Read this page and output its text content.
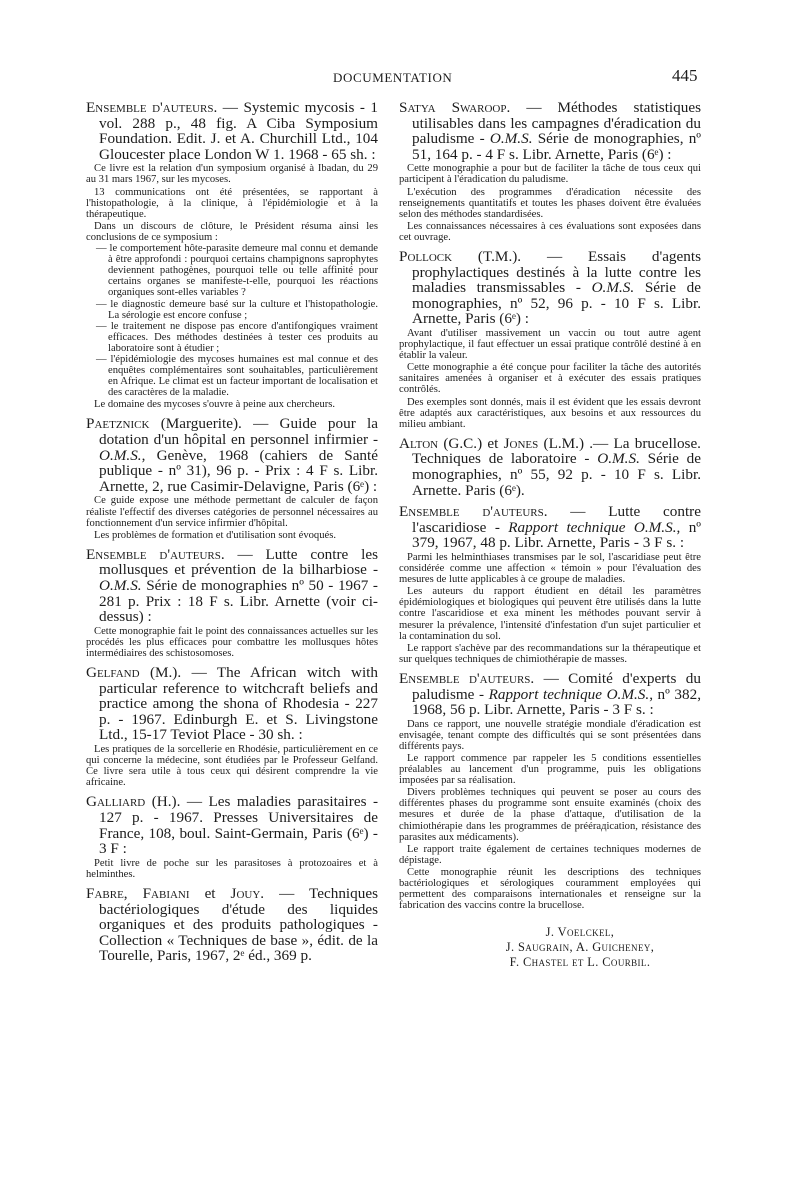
DOCUMENTATION	445

Ensemble d'auteurs. — Systemic mycosis - 1 vol. 288 p., 48 fig. A Ciba Symposium Foundation. Edit. J. et A. Churchill Ltd., 104 Gloucester place London W 1. 1968 - 65 sh. :

Ce livre est la relation d'un symposium organisé à Ibadan, du 29 au 31 mars 1967, sur les mycoses.

13 communications ont été présentées, se rapportant à l'histopathologie, à la clinique, à l'épidémiologie et à la thérapeutique.

Dans un discours de clôture, le Président résuma ainsi les conclusions de ce symposium :

— le comportement hôte-parasite demeure mal connu et demande à être approfondi : pourquoi certains champignons saprophytes deviennent pathogènes, pourquoi telle ou telle affinité pour certains organes se manifeste-t-elle, pourquoi les réactions organiques sont-elles variables ?

— le diagnostic demeure basé sur la culture et l'histopathologie. La sérologie est encore confuse ;

— le traitement ne dispose pas encore d'antifongiques vraiment efficaces. Des méthodes destinées à tester ces produits au laboratoire sont à étudier ;

— l'épidémiologie des mycoses humaines est mal connue et des enquêtes complémentaires sont souhaitables, particulièrement en Afrique. Le climat est un facteur important de localisation et des caractères de la maladie.

Le domaine des mycoses s'ouvre à peine aux chercheurs.

Paetznick (Marguerite). — Guide pour la dotation d'un hôpital en personnel infirmier - O.M.S., Genève, 1968 (cahiers de Santé publique - nº 31), 96 p. - Prix : 4 F s. Libr. Arnette, 2, rue Casimir-Delavigne, Paris (6ᵉ) :

Ce guide expose une méthode permettant de calculer de façon réaliste l'effectif des diverses catégories de personnel nécessaires au fonctionnement d'un service infirmier d'hôpital.

Les problèmes de formation et d'utilisation sont évoqués.

Ensemble d'auteurs. — Lutte contre les mollusques et prévention de la bilharbiose - O.M.S. Série de monographies nº 50 - 1967 - 281 p. Prix : 18 F s. Libr. Arnette (voir ci-dessus) :

Cette monographie fait le point des connaissances actuelles sur les procédés les plus efficaces pour combattre les mollusques hôtes intermédiaires des schistosomoses.

Gelfand (M.). — The African witch with particular reference to witchcraft beliefs and practice among the shona of Rhodesia - 227 p. - 1967. Edinburgh E. et S. Livingstone Ltd., 15-17 Teviot Place - 30 sh. :

Les pratiques de la sorcellerie en Rhodésie, particulièrement en ce qui concerne la médecine, sont étudiées par le Professeur Gelfand. Ce livre sera utile à tous ceux qui désirent comprendre la vie africaine.

Galliard (H.). — Les maladies parasitaires - 127 p. - 1967. Presses Universitaires de France, 108, boul. Saint-Germain, Paris (6ᵉ) - 3 F :

Petit livre de poche sur les parasitoses à protozoaires et à helminthes.

Fabre, Fabiani et Jouy. — Techniques bactériologiques d'étude des liquides organiques et des produits pathologiques - Collection « Techniques de base », édit. de la Tourelle, Paris, 1967, 2ᵉ éd., 369 p.

Satya Swaroop. — Méthodes statistiques utilisables dans les campagnes d'éradication du paludisme - O.M.S. Série de monographies, nº 51, 164 p. - 4 F s. Libr. Arnette, Paris (6ᵉ) :

Cette monographie a pour but de faciliter la tâche de tous ceux qui participent à l'éradication du paludisme.

L'exécution des programmes d'éradication nécessite des renseignements quantitatifs et toutes les phases doivent être évaluées selon des méthodes standardisées.

Les connaissances nécessaires à ces évaluations sont exposées dans cet ouvrage.

Pollock (T.M.). — Essais d'agents prophylactiques destinés à la lutte contre les maladies transmissables - O.M.S. Série de monographies, nº 52, 96 p. - 10 F s. Libr. Arnette, Paris (6ᵉ) :

Avant d'utiliser massivement un vaccin ou tout autre agent prophylactique, il faut effectuer un essai pratique contrôlé destiné à en établir la valeur.

Cette monographie a été conçue pour faciliter la tâche des autorités sanitaires amenées à organiser et à exécuter des essais pratiques contrôlés.

Des exemples sont donnés, mais il est évident que les essais devront être adaptés aux caractéristiques, aux besoins et aux ressources du milieu ambiant.

Alton (G.C.) et Jones (L.M.) .— La brucellose. Techniques de laboratoire - O.M.S. Série de monographies, nº 55, 92 p. - 10 F s. Libr. Arnette. Paris (6ᵉ).

Ensemble d'auteurs. — Lutte contre l'ascaridiose - Rapport technique O.M.S., nº 379, 1967, 48 p. Libr. Arnette, Paris - 3 F s. :

Parmi les helminthiases transmises par le sol, l'ascaridiase peut être considérée comme une affection « témoin » pour l'évaluation des mesures de lutte applicables à ce groupe de maladies.

Les auteurs du rapport étudient en détail les paramètres épidémiologiques et biologiques qui peuvent être utilisés dans la lutte contre l'ascaridiose et exa minent les méthodes pouvant servir à mesurer la prévalence, l'intensité d'infestation d'un sujet particulier et la contamination du sol.

Le rapport s'achève par des recommandations sur la thérapeutique et sur quelques techniques de chimiothérapie de masses.

Ensemble d'auteurs. — Comité d'experts du paludisme - Rapport technique O.M.S., nº 382, 1968, 56 p. Libr. Arnette, Paris - 3 F s. :

Dans ce rapport, une nouvelle stratégie mondiale d'éradication est envisagée, tenant compte des difficultés qui se sont présentées dans différents pays.

Le rapport commence par rappeler les 5 conditions essentielles préalables au lancement d'un programme, puis les obligations imposées par sa réalisation.

Divers problèmes techniques qui peuvent se poser au cours des différentes phases du programme sont ensuite examinés (choix des mesures et durée de la phase d'attaque, d'utilisation de la chimiothérapie dans les programmes de préérадication, résistance des parasites aux médicaments).

Le rapport traite également de certaines techniques modernes de dépistage.

Cette monographie réunit les descriptions des techniques bactériologiques et sérologiques couramment employées qui permettent des comparaisons internationales et renseigne sur la fabrication des vaccins contre la brucellose.

J. Voelckel,
J. Saugrain, A. Guicheney,
F. Chastel et L. Courbil.
